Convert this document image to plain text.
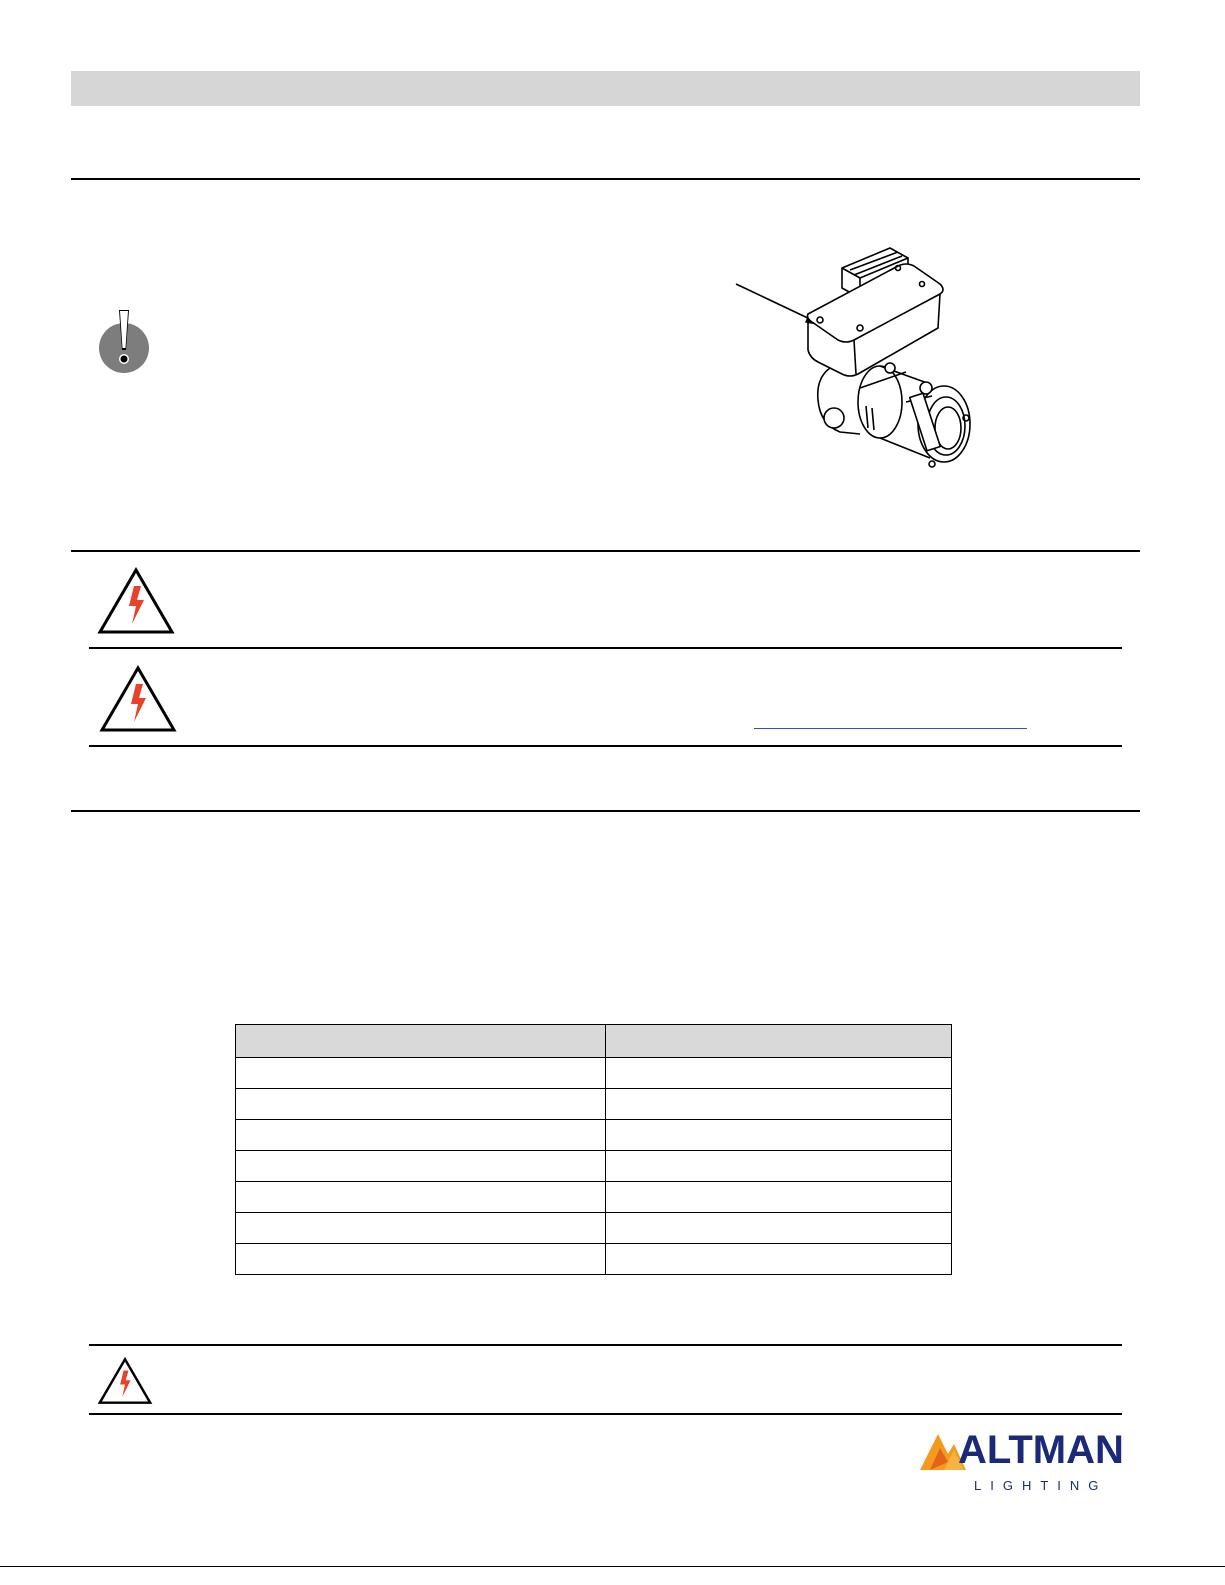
ALTMAN
LIGHTING
